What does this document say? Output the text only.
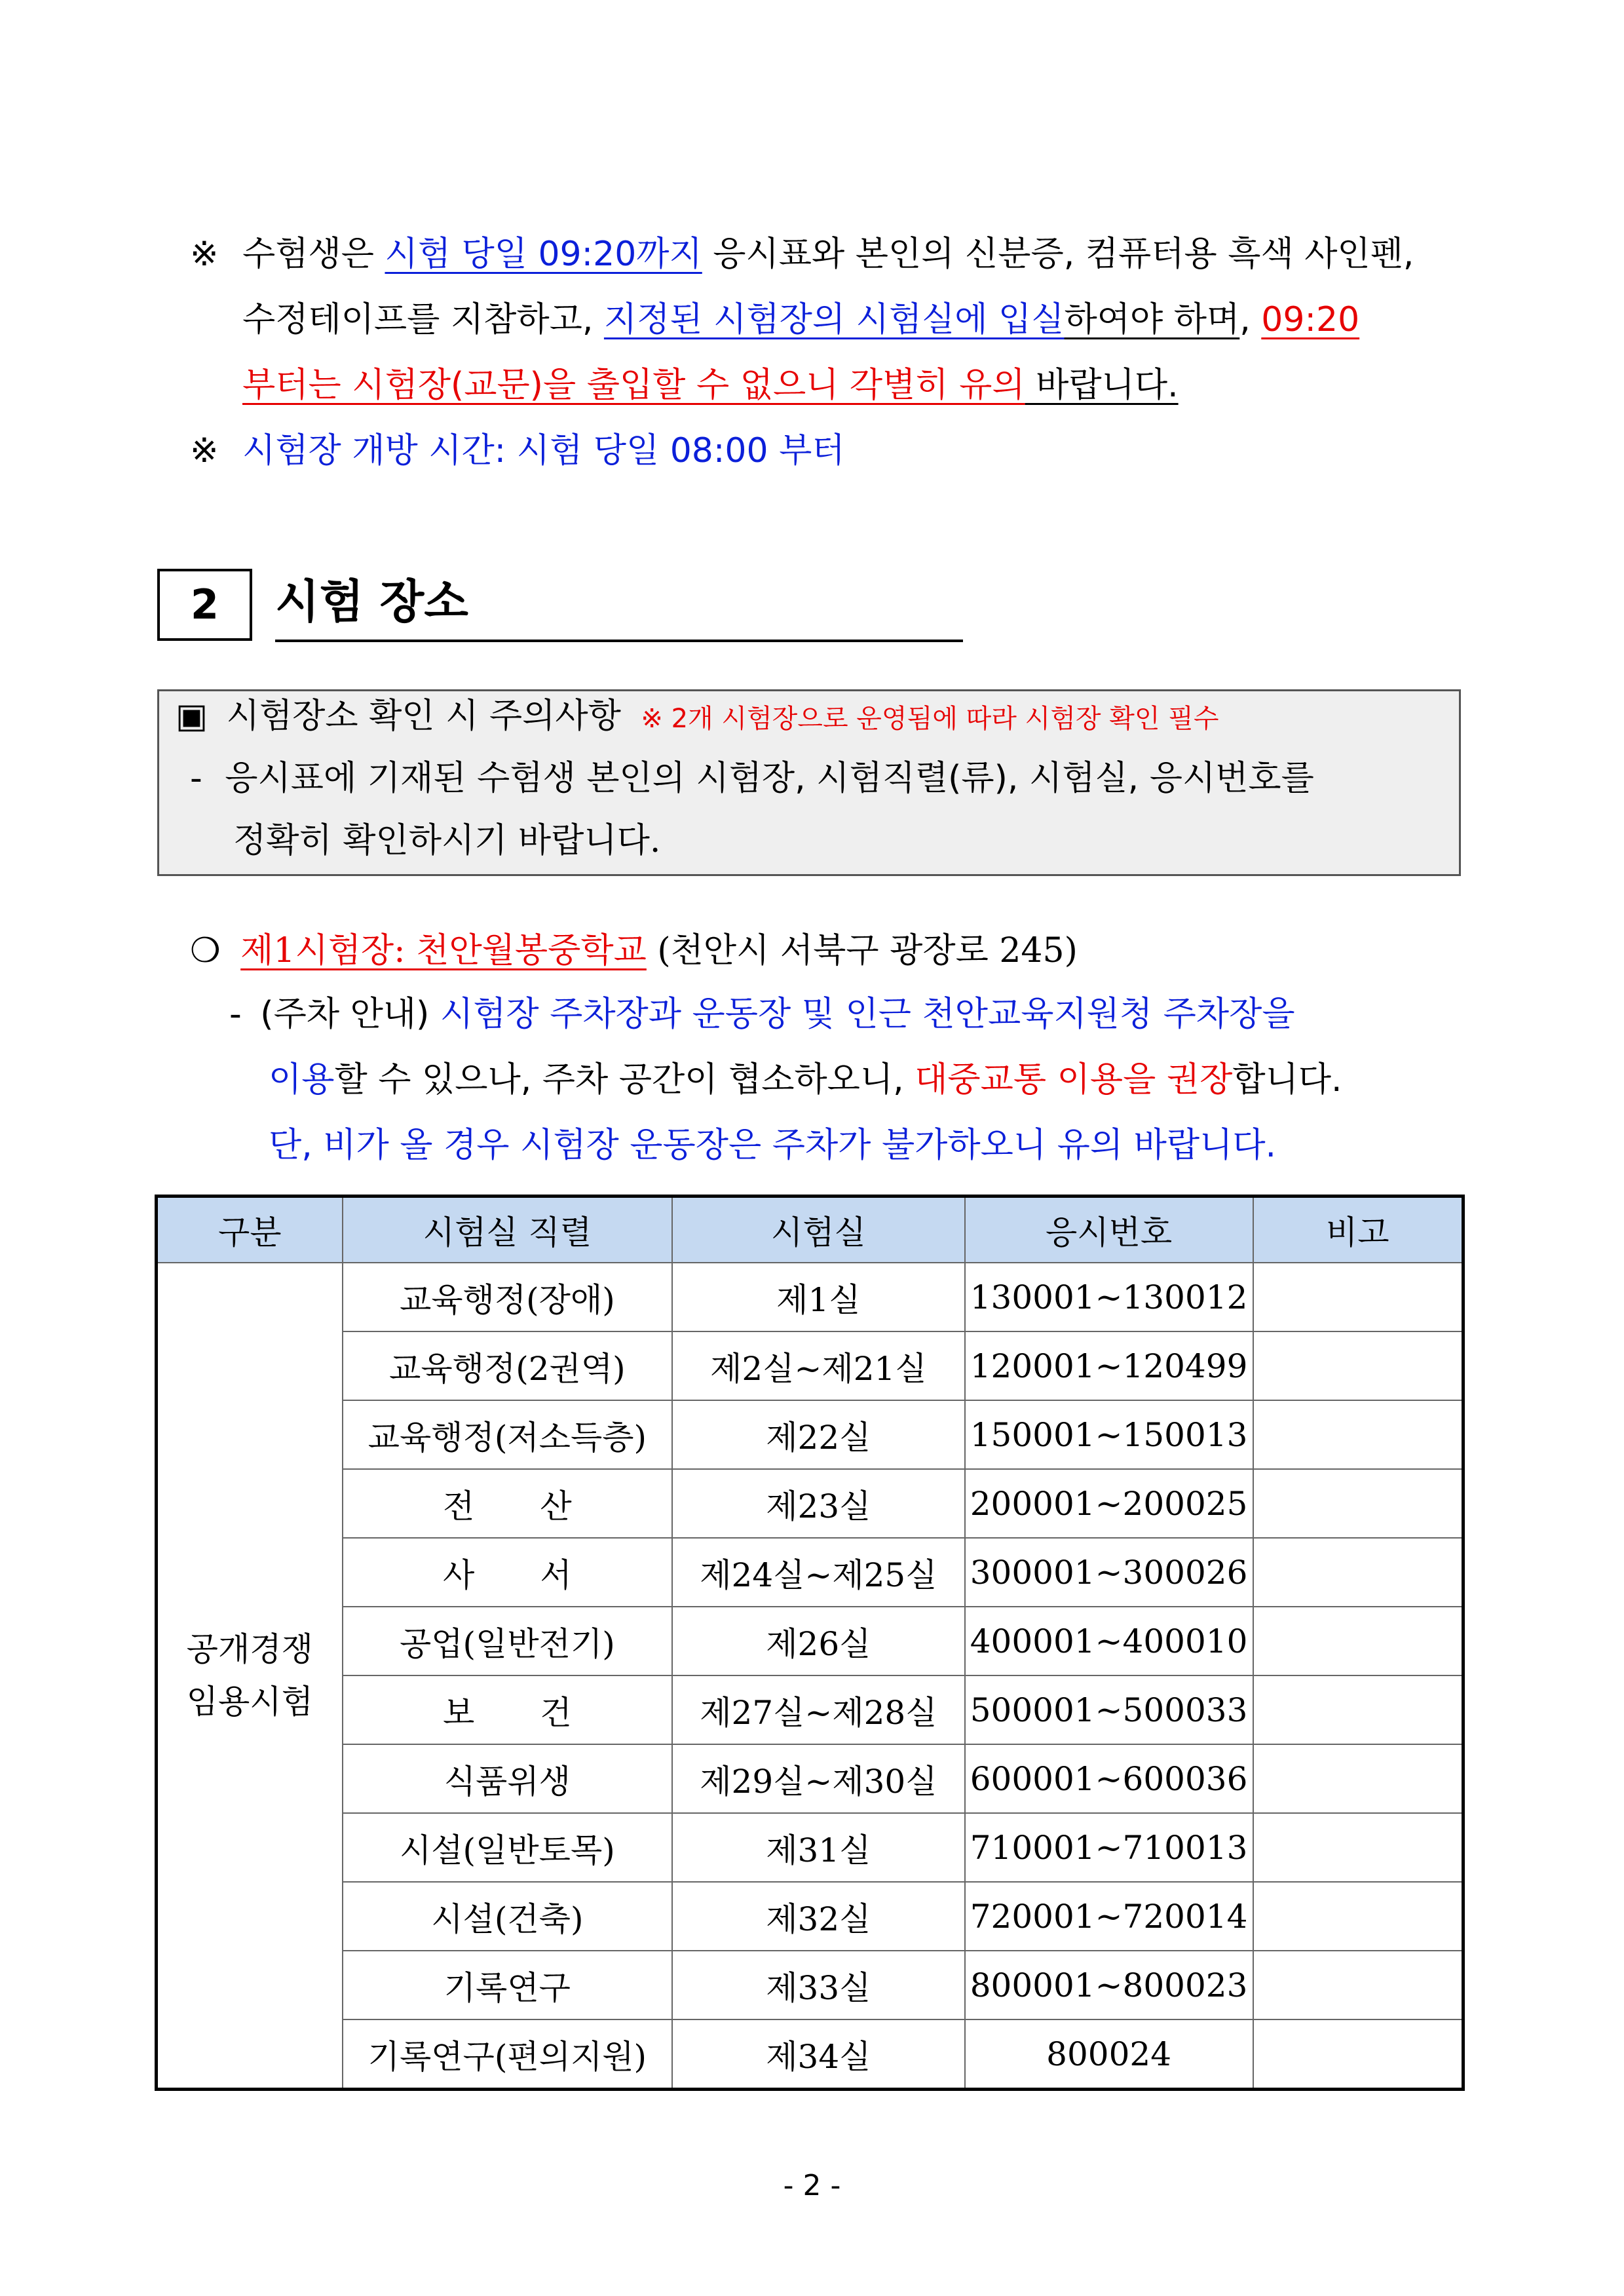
※ 수험생은 시험 당일 09:20까지 응시표와 본인의 신분증, 컴퓨터용 흑색 사인펜,
수정테이프를 지참하고, 지정된 시험장의 시험실에 입실하여야 하며, 09:20
부터는 시험장(교문)을 출입할 수 없으니 각별히 유의 바랍니다.
※ 시험장 개방 시간: 시험 당일 08:00 부터
2	시험 장소
▣ 시험장소 확인 시 주의사항 ※ 2개 시험장으로 운영됨에 따라 시험장 확인 필수
- 응시표에 기재된 수험생 본인의 시험장, 시험직렬(류), 시험실, 응시번호를
정확히 확인하시기 바랍니다.
❍ 제1시험장: 천안월봉중학교 (천안시 서북구 광장로 245)
- (주차 안내) 시험장 주차장과 운동장 및 인근 천안교육지원청 주차장을
이용할 수 있으나, 주차 공간이 협소하오니, 대중교통 이용을 권장합니다.
단, 비가 올 경우 시험장 운동장은 주차가 불가하오니 유의 바랍니다.
구분	시험실 직렬	시험실	응시번호	비고

공개경쟁
임용시험	교육행정(장애)	제1실	130001~130012	
	교육행정(2권역)	제2실~제21실	120001~120499	
	교육행정(저소득층)	제22실	150001~150013	
	전　　산	제23실	200001~200025	
	사　　서	제24실~제25실	300001~300026	
	공업(일반전기)	제26실	400001~400010	
	보　　건	제27실~제28실	500001~500033	
	식품위생	제29실~제30실	600001~600036	
	시설(일반토목)	제31실	710001~710013	
	시설(건축)	제32실	720001~720014	
	기록연구	제33실	800001~800023	
	기록연구(편의지원)	제34실	800024	
- 2 -
